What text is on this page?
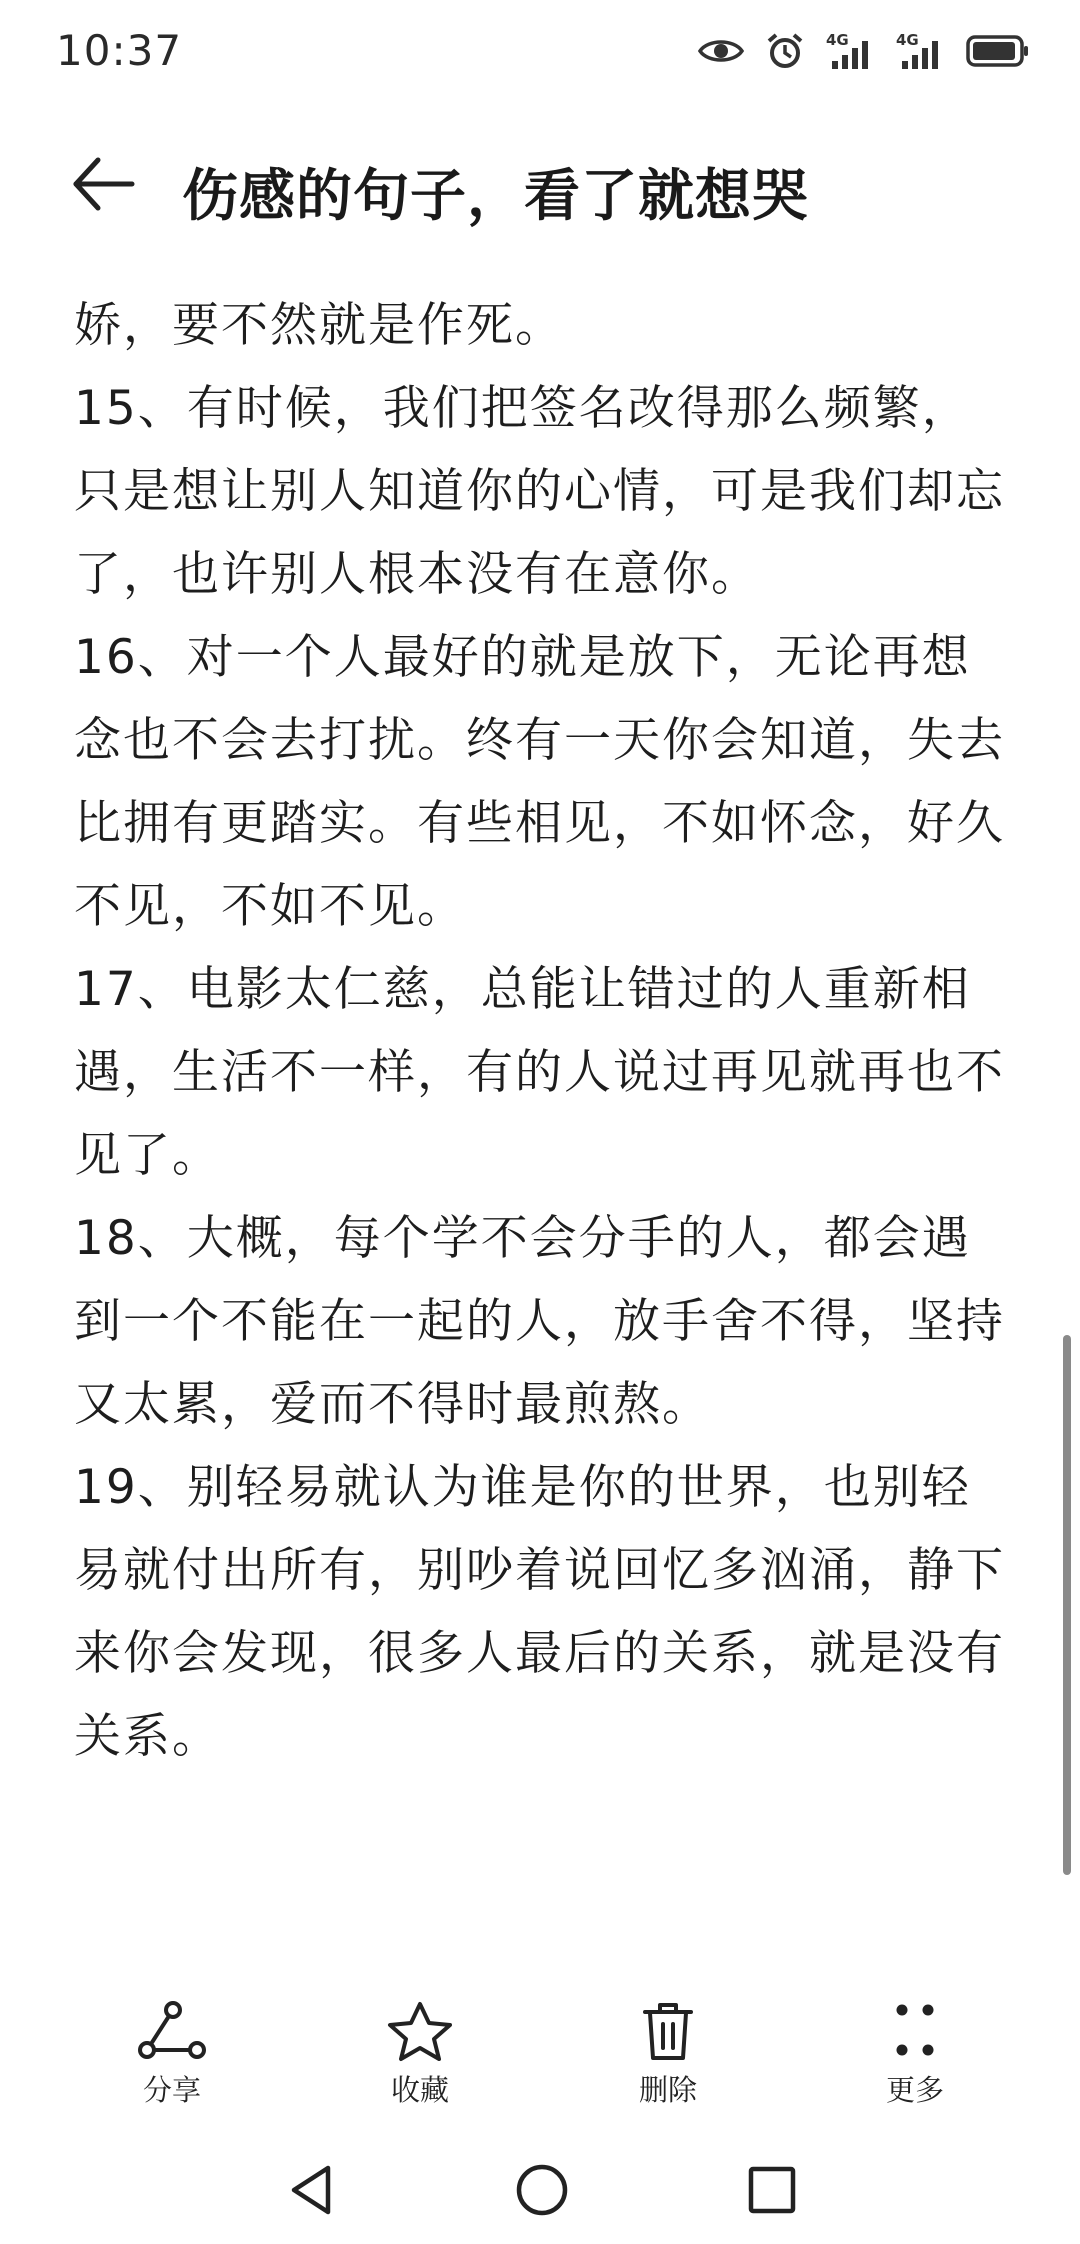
10:37	4G	4G
伤感的句子，看了就想哭

娇，要不然就是作死。

15、有时候，我们把签名改得那么频繁，只是想让别人知道你的心情，可是我们却忘了，也许别人根本没有在意你。

16、对一个人最好的就是放下，无论再想念也不会去打扰。终有一天你会知道，失去比拥有更踏实。有些相见，不如怀念，好久不见，不如不见。

17、电影太仁慈，总能让错过的人重新相遇，生活不一样，有的人说过再见就再也不见了。

18、大概，每个学不会分手的人，都会遇到一个不能在一起的人，放手舍不得，坚持又太累，爱而不得时最煎熬。

19、别轻易就认为谁是你的世界，也别轻易就付出所有，别吵着说回忆多汹涌，静下来你会发现，很多人最后的关系，就是没有关系。

分享	收藏	删除	更多
